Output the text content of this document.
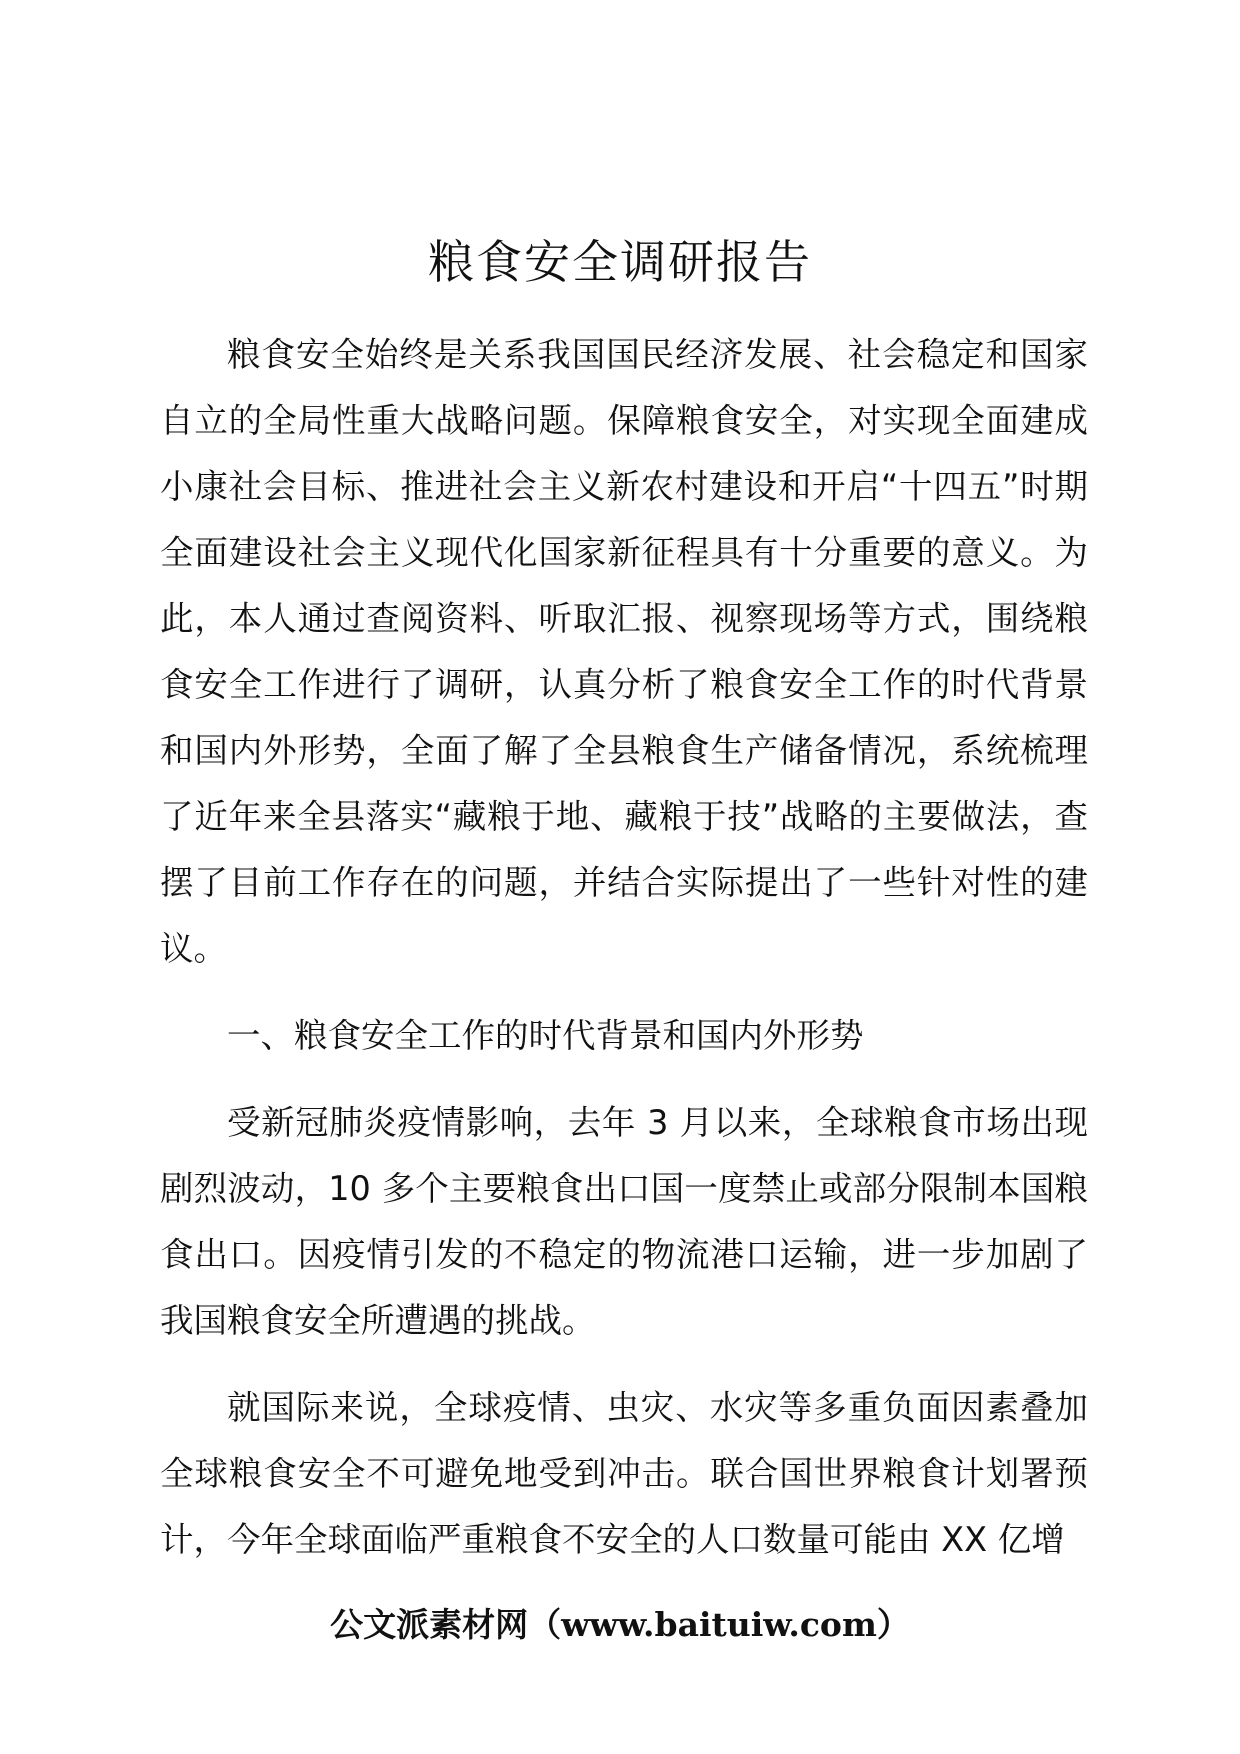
粮食安全调研报告

粮食安全始终是关系我国国民经济发展、社会稳定和国家自立的全局性重大战略问题。保障粮食安全，对实现全面建成小康社会目标、推进社会主义新农村建设和开启“十四五”时期全面建设社会主义现代化国家新征程具有十分重要的意义。为此，本人通过查阅资料、听取汇报、视察现场等方式，围绕粮食安全工作进行了调研，认真分析了粮食安全工作的时代背景和国内外形势，全面了解了全县粮食生产储备情况，系统梳理了近年来全县落实“藏粮于地、藏粮于技”战略的主要做法，查摆了目前工作存在的问题，并结合实际提出了一些针对性的建议。

一、粮食安全工作的时代背景和国内外形势

受新冠肺炎疫情影响，去年 3 月以来，全球粮食市场出现剧烈波动，10 多个主要粮食出口国一度禁止或部分限制本国粮食出口。因疫情引发的不稳定的物流港口运输，进一步加剧了我国粮食安全所遭遇的挑战。

就国际来说，全球疫情、虫灾、水灾等多重负面因素叠加全球粮食安全不可避免地受到冲击。联合国世界粮食计划署预计，今年全球面临严重粮食不安全的人口数量可能由 XX 亿增

公文派素材网（www.baituiw.com）
